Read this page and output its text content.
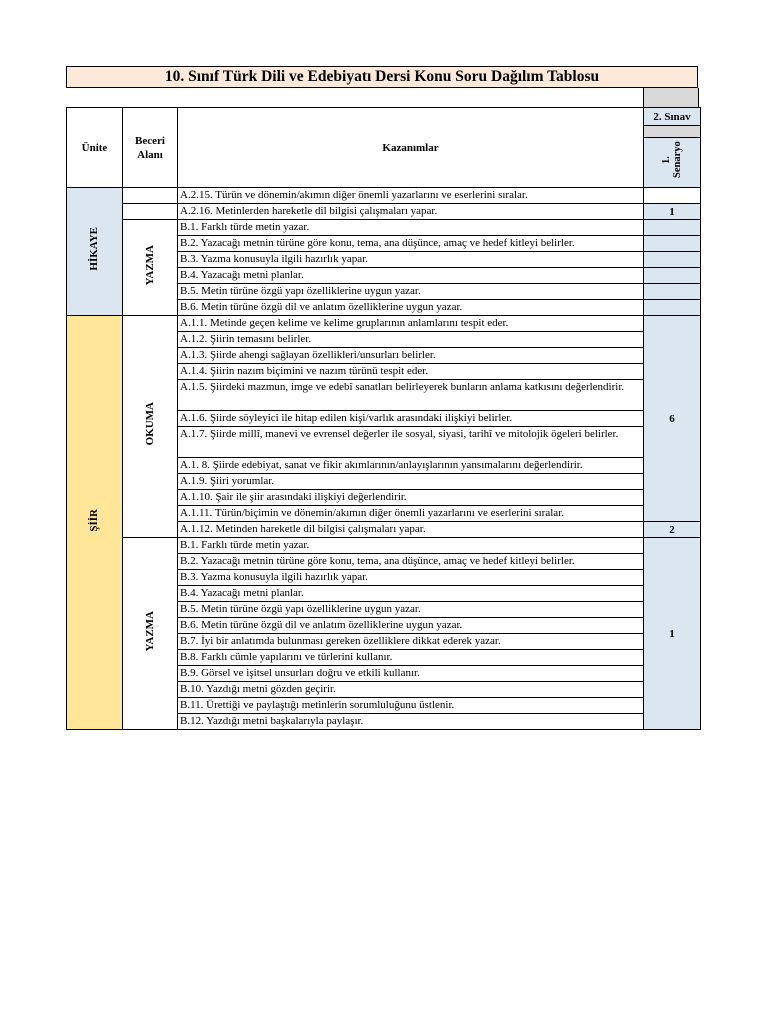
10. Sınıf Türk Dili ve Edebiyatı Dersi Konu Soru Dağılım Tablosu
Ünite	Beceri Alanı	Kazanımlar	2. Sınav

			1. Senaryo
HİKAYE		A.2.15. Türün ve dönemin/akımın diğer önemli yazarlarını ve eserlerini sıralar.	
		A.2.16. Metinlerden hareketle dil bilgisi çalışmaları yapar.	1
	YAZMA	B.1. Farklı türde metin yazar.	
		B.2. Yazacağı metnin türüne göre konu, tema, ana düşünce, amaç ve hedef kitleyi belirler.	
		B.3. Yazma konusuyla ilgili hazırlık yapar.	
		B.4. Yazacağı metni planlar.	
		B.5. Metin türüne özgü yapı özelliklerine uygun yazar.	
		B.6. Metin türüne özgü dil ve anlatım özelliklerine uygun yazar.	
ŞİİR	OKUMA	A.1.1. Metinde geçen kelime ve kelime gruplarının anlamlarını tespit eder.	6
		A.1.2. Şiirin temasını belirler.	
		A.1.3. Şiirde ahengi sağlayan özellikleri/unsurları belirler.	
		A.1.4. Şiirin nazım biçimini ve nazım türünü tespit eder.	
		A.1.5. Şiirdeki mazmun, imge ve edebî sanatları belirleyerek bunların anlama katkısını değerlendirir.	
		A.1.6. Şiirde söyleyici ile hitap edilen kişi/varlık arasındaki ilişkiyi belirler.	
		A.1.7. Şiirde millî, manevi ve evrensel değerler ile sosyal, siyasi, tarihî ve mitolojik ögeleri belirler.	
		A.1. 8. Şiirde edebiyat, sanat ve fikir akımlarının/anlayışlarının yansımalarını değerlendirir.	
		A.1.9. Şiiri yorumlar.	
		A.1.10. Şair ile şiir arasındaki ilişkiyi değerlendirir.	
		A.1.11. Türün/biçimin ve dönemin/akımın diğer önemli yazarlarını ve eserlerini sıralar.	
		A.1.12. Metinden hareketle dil bilgisi çalışmaları yapar.	2
	YAZMA	B.1. Farklı türde metin yazar.	1
		B.2. Yazacağı metnin türüne göre konu, tema, ana düşünce, amaç ve hedef kitleyi belirler.	
		B.3. Yazma konusuyla ilgili hazırlık yapar.	
		B.4. Yazacağı metni planlar.	
		B.5. Metin türüne özgü yapı özelliklerine uygun yazar.	
		B.6. Metin türüne özgü dil ve anlatım özelliklerine uygun yazar.	
		B.7. İyi bir anlatımda bulunması gereken özelliklere dikkat ederek yazar.	
		B.8. Farklı cümle yapılarını ve türlerini kullanır.	
		B.9. Görsel ve işitsel unsurları doğru ve etkili kullanır.	
		B.10. Yazdığı metni gözden geçirir.	
		B.11. Ürettiği ve paylaştığı metinlerin sorumluluğunu üstlenir.	
		B.12. Yazdığı metni başkalarıyla paylaşır.	
